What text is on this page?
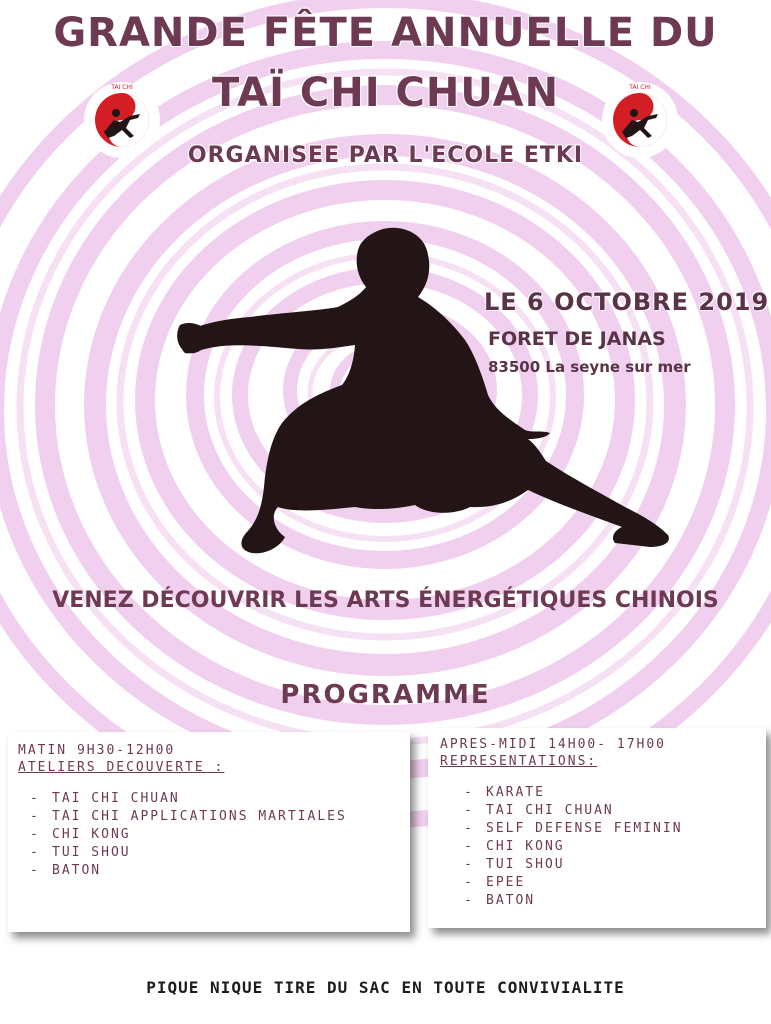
GRANDE FÊTE ANNUELLE DU
TAÏ CHI CHUAN
ORGANISEE PAR L'ECOLE ETKI
TAI CHI	TAI CHI
LE 6 OCTOBRE 2019
FORET DE JANAS
83500 La seyne sur mer
VENEZ DÉCOUVRIR LES ARTS ÉNERGÉTIQUES CHINOIS
PROGRAMME
MATIN 9H30-12H00
ATELIERS DECOUVERTE :
- TAI CHI CHUAN
- TAI CHI APPLICATIONS MARTIALES
- CHI KONG
- TUI SHOU
- BATON
APRES-MIDI 14H00- 17H00
REPRESENTATIONS:
- KARATE
- TAI CHI CHUAN
- SELF DEFENSE FEMININ
- CHI KONG
- TUI SHOU
- EPEE
- BATON
PIQUE NIQUE TIRE DU SAC EN TOUTE CONVIVIALITE
